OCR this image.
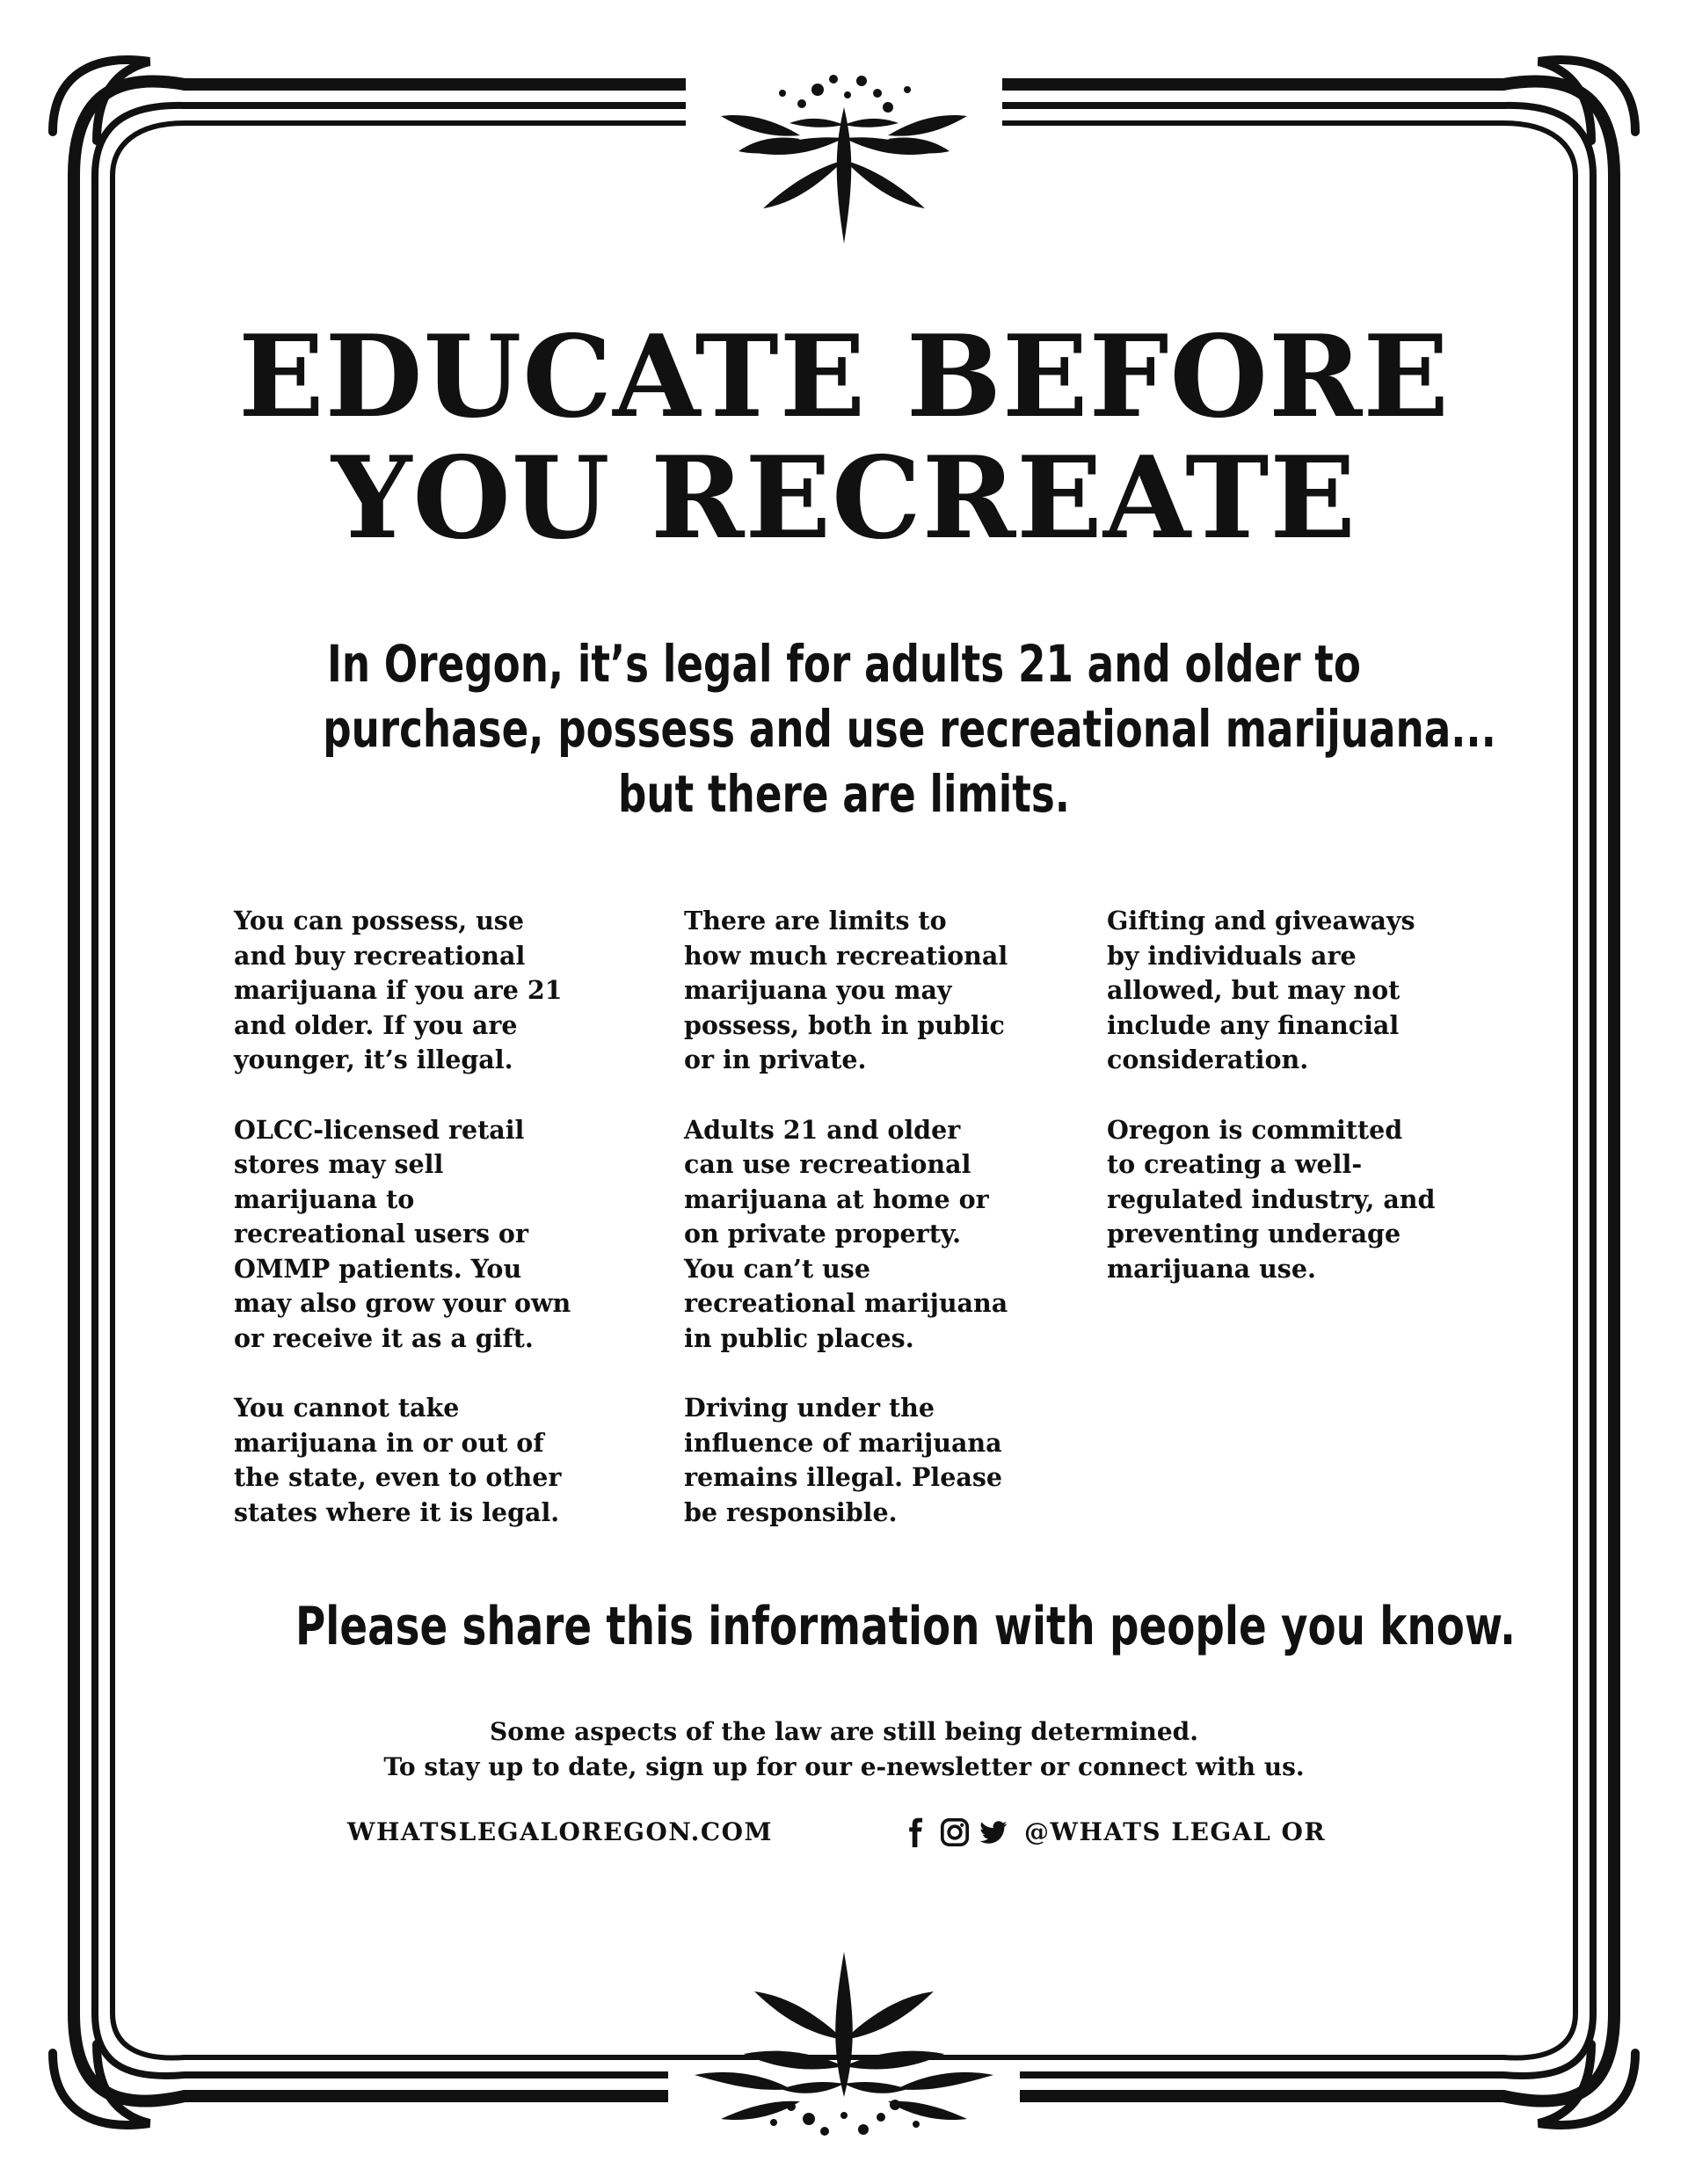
EDUCATE BEFORE
YOU RECREATE
In Oregon, it’s legal for adults 21 and older to
purchase, possess and use recreational marijuana...
but there are limits.

You can possess, use
and buy recreational
marijuana if you are 21
and older. If you are
younger, it’s illegal.

OLCC-licensed retail
stores may sell
marijuana to
recreational users or
OMMP patients. You
may also grow your own
or receive it as a gift.

You cannot take
marijuana in or out of
the state, even to other
states where it is legal.

There are limits to
how much recreational
marijuana you may
possess, both in public
or in private.

Adults 21 and older
can use recreational
marijuana at home or
on private property.
You can’t use
recreational marijuana
in public places.

Driving under the
influence of marijuana
remains illegal. Please
be responsible.

Gifting and giveaways
by individuals are
allowed, but may not
include any financial
consideration.

Oregon is committed
to creating a well-
regulated industry, and
preventing underage
marijuana use.

Please share this information with people you know.
Some aspects of the law are still being determined.
To stay up to date, sign up for our e-newsletter or connect with us.
WHATSLEGALOREGON.COM	@WHATS LEGAL OR
